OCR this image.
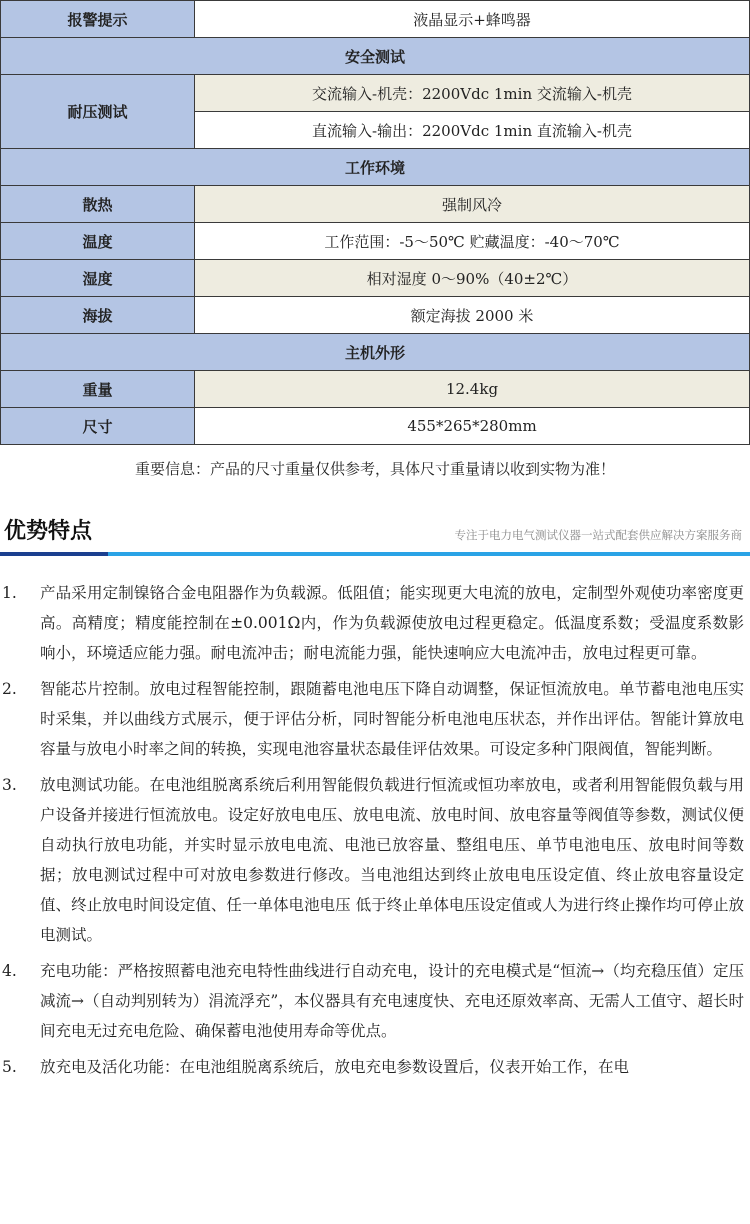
报警提示	液晶显示+蜂鸣器
安全测试	
耐压测试	交流输入-机壳：2200Vdc 1min 交流输入-机壳
	直流输入-输出：2200Vdc 1min 直流输入-机壳
工作环境	
散热	强制风冷
温度	工作范围：-5～50℃ 贮藏温度：-40～70℃
湿度	相对湿度 0～90%（40±2℃）
海拔	额定海拔 2000 米
主机外形	
重量	12.4kg
尺寸	455*265*280mm
重要信息：产品的尺寸重量仅供参考，具体尺寸重量请以收到实物为准！
优势特点	专注于电力电气测试仪器一站式配套供应解决方案服务商
1. 产品采用定制镍铬合金电阻器作为负载源。低阻值；能实现更大电流的放电，定制型外观使功率密度更高。高精度；精度能控制在±0.001Ω内，作为负载源使放电过程更稳定。低温度系数；受温度系数影响小，环境适应能力强。耐电流冲击；耐电流能力强，能快速响应大电流冲击，放电过程更可靠。
2. 智能芯片控制。放电过程智能控制，跟随蓄电池电压下降自动调整，保证恒流放电。单节蓄电池电压实时采集，并以曲线方式展示，便于评估分析，同时智能分析电池电压状态，并作出评估。智能计算放电容量与放电小时率之间的转换，实现电池容量状态最佳评估效果。可设定多种门限阀值，智能判断。
3. 放电测试功能。在电池组脱离系统后利用智能假负载进行恒流或恒功率放电，或者利用智能假负载与用户设备并接进行恒流放电。设定好放电电压、放电电流、放电时间、放电容量等阀值等参数，测试仪便自动执行放电功能，并实时显示放电电流、电池已放容量、整组电压、单节电池电压、放电时间等数据；放电测试过程中可对放电参数进行修改。当电池组达到终止放电电压设定值、终止放电容量设定值、终止放电时间设定值、任一单体电池电压 低于终止单体电压设定值或人为进行终止操作均可停止放电测试。
4. 充电功能：严格按照蓄电池充电特性曲线进行自动充电，设计的充电模式是“恒流→（均充稳压值）定压减流→（自动判别转为）涓流浮充”，本仪器具有充电速度快、充电还原效率高、无需人工值守、超长时间充电无过充电危险、确保蓄电池使用寿命等优点。
5. 放充电及活化功能：在电池组脱离系统后，放电充电参数设置后，仪表开始工作，在电
